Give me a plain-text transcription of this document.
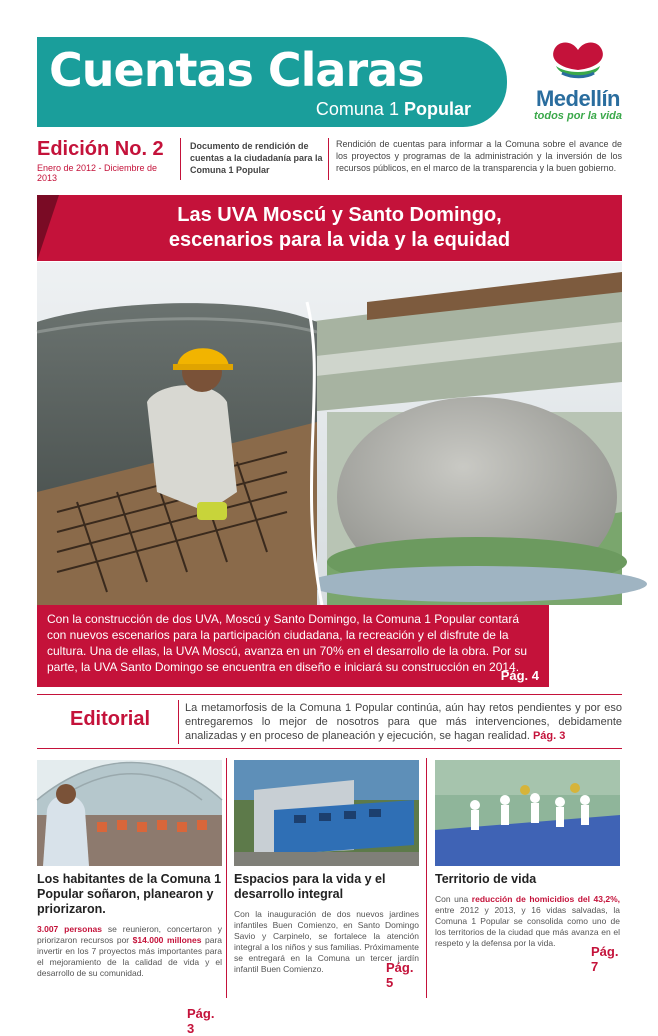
Cuentas Claras
Comuna 1 Popular	Medellín
todos por la vida
Edición No. 2
Enero de 2012 - Diciembre de 2013
Documento de rendición de cuentas a la ciudadanía para la Comuna 1 Popular
Rendición de cuentas para informar a la Comuna sobre el avance de los proyectos y programas de la administración y la inversión de los recursos públicos, en el marco de la transparencia y la buen gobierno.
Las UVA Moscú y Santo Domingo,
escenarios para la vida y la equidad
Con la construcción de dos UVA, Moscú y Santo Domingo, la Comuna 1 Popular contará con nuevos escenarios para la participación ciudadana, la recreación y el disfrute de la cultura. Una de ellas, la UVA Moscú, avanza en un 70% en el desarrollo de la obra. Por su parte, la UVA Santo Domingo se encuentra en diseño e iniciará su construcción en 2014.
Pág. 4
Editorial	La metamorfosis de la Comuna 1 Popular continúa, aún hay retos pendientes y por eso entregaremos lo mejor de nosotros para que más intervenciones, debidamente analizadas y en proceso de planeación y ejecución, se hagan realidad. Pág. 3
Los habitantes de la Comuna 1 Popular soñaron, planearon y priorizaron.

3.007 personas se reunieron, concertaron y priorizaron recursos por $14.000 millones para invertir en los 7 proyectos más importantes para el mejoramiento de la calidad de vida y el desarrollo de su comunidad.

Pág. 3
Espacios para la vida y el desarrollo integral

Con la inauguración de dos nuevos jardines infantiles Buen Comienzo, en Santo Domingo Savio y Carpinelo, se fortalece la atención integral a los niños y sus familias. Próximamente se entregará en la Comuna un tercer jardín infantil Buen Comienzo.	Pág. 5
Territorio de vida

Con una reducción de homicidios del 43,2%, entre 2012 y 2013, y 16 vidas salvadas, la Comuna 1 Popular se consolida como uno de los territorios de la ciudad que más avanza en el respeto y la defensa por la vida.

Pág. 7
